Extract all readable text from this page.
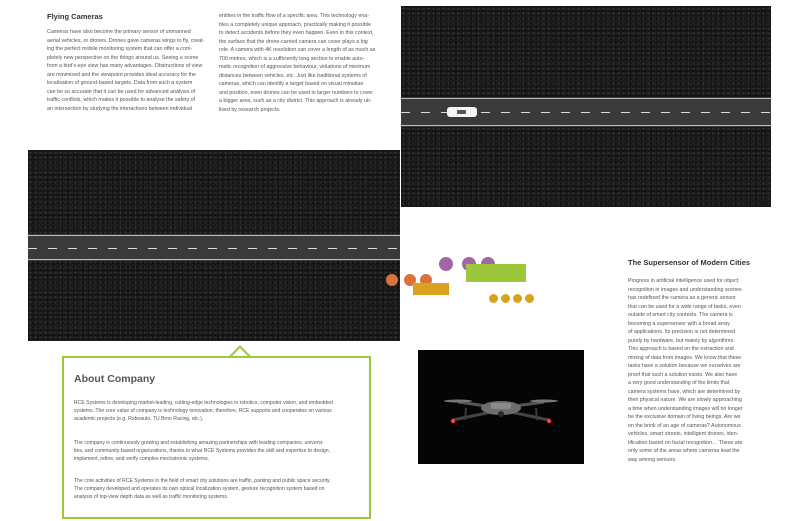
Flying Cameras
Cameras have also become the primary sensor of unmanned
aerial vehicles, or drones. Drones gave cameras wings to fly, creat-
ing the perfect mobile monitoring system that can offer a com-
pletely new perspective on the things around us. Seeing a scene
from a bird's-eye view has many advantages. Obstructions of view
are minimised and the viewpoint provides ideal accuracy for the
localisation of ground-based targets. Data from such a system
can be so accurate that it can be used for advanced analysis of
traffic conflicts, which makes it possible to analyse the safety of
an intersection by studying the interactions between individual
entities in the traffic flow of a specific area. This technology ena-
bles a completely unique approach, practically making it possible
to detect accidents before they even happen. Even in this context,
the surface that the drone-carried camera can cover plays a big
role. A camera with 4K resolution can cover a length of as much as
700 metres, which is a sufficiently long section to enable auto-
matic recognition of aggressive behaviour, violations of minimum
distances between vehicles, etc. Just like traditional systems of
cameras, which can identify a target based on visual minutiae
and position, even drones can be used in larger numbers to cover
a bigger area, such as a city district. This approach is already uti-
lised by research projects.
The Supersensor of Modern Cities
Progress in artificial intelligence used for object
recognition in images and understanding scenes
has redefined the camera as a generic sensor
that can be used for a wide range of tasks, even
outside of smart city contexts. The camera is
becoming a supersensor with a broad array
of applications. Its precision is not determined
purely by hardware, but mainly by algorithms.
This approach is based on the extraction and
mining of data from images. We know that these
tasks have a solution because we ourselves are
proof that such a solution exists. We also have
a very good understanding of the limits that
camera systems have, which are determined by
their physical nature. We are slowly approaching
a time when understanding images will no longer
be the exclusive domain of living beings. Are we
on the brink of an age of cameras? Autonomous
vehicles, smart streets, intelligent drones, iden-
tification based on facial recognition… These are
only some of the areas where cameras lead the
way among sensors.
About Company
RCE Systems is developing market-leading, cutting-edge technologies in robotics, computer vision, and embedded
systems. The core value of company is technology innovation; therefore, RCE supports and cooperates on various
academic projects (e.g. Roboauto, TU Brno Racing, etc.).
The company is continuously growing and establishing amazing partnerships with leading companies, universi-
ties, and community-based organizations, thanks to what RCE Systems provides the skill and expertise to design,
implement, refine, and verify complex mechatronic systems.
The core activities of RCE Systems in the field of smart city solutions are traffic, parking and public space security.
The company developed and operates its own optical localization system, gesture recognition system based on
analysis of top-view depth data as well as traffic monitoring systems.
